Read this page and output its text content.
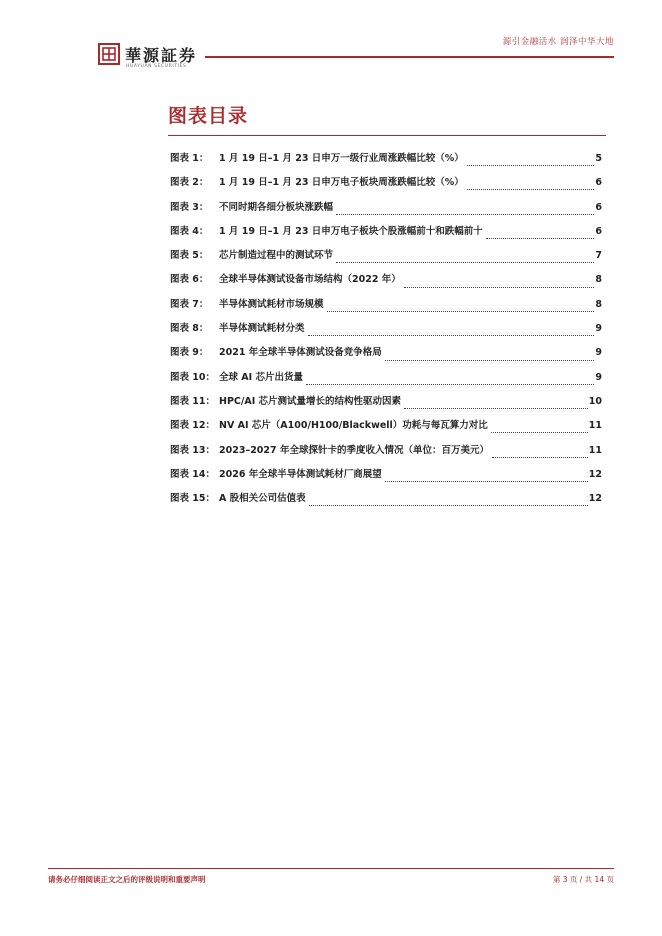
華源証券
HUAYUAN SECURITIES
源引金融活水 润泽中华大地
图表目录
图表 1：	1 月 19 日–1 月 23 日申万一级行业周涨跌幅比较（%）	5
图表 2：	1 月 19 日–1 月 23 日申万电子板块周涨跌幅比较（%）	6
图表 3：	不同时期各细分板块涨跌幅	6
图表 4：	1 月 19 日–1 月 23 日申万电子板块个股涨幅前十和跌幅前十	6
图表 5：	芯片制造过程中的测试环节	7
图表 6：	全球半导体测试设备市场结构（2022 年）	8
图表 7：	半导体测试耗材市场规模	8
图表 8：	半导体测试耗材分类	9
图表 9：	2021 年全球半导体测试设备竞争格局	9
图表 10： 全球 AI 芯片出货量	9
图表 11： HPC/AI 芯片测试量增长的结构性驱动因素	10
图表 12： NV AI 芯片（A100/H100/Blackwell）功耗与每瓦算力对比	11
图表 13： 2023–2027 年全球探针卡的季度收入情况（单位：百万美元）	11
图表 14： 2026 年全球半导体测试耗材厂商展望	12
图表 15： A 股相关公司估值表	12
请务必仔细阅读正文之后的评级说明和重要声明	第 3 页 / 共 14 页
